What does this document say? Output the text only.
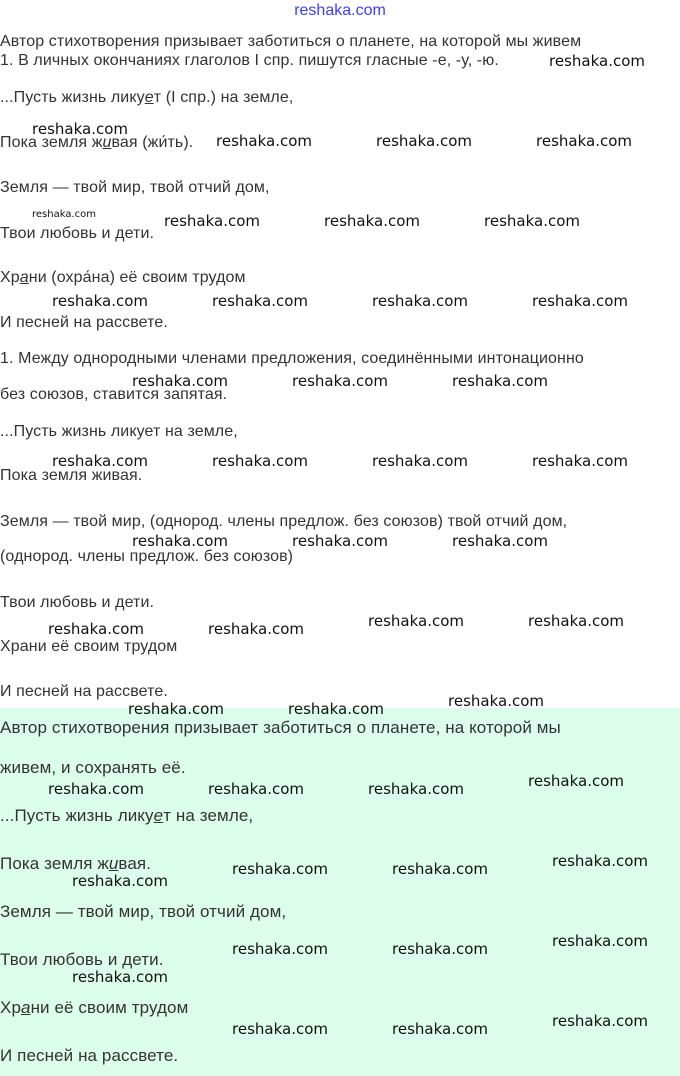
reshaka.com
Автор стихотворения призывает заботиться о планете, на которой мы живем
1. В личных окончаниях глаголов I спр. пишутся гласные -е, -у, -ю.
...Пусть жизнь ликует (I спр.) на земле,
Пока земля живая (жи́ть).
Земля — твой мир, твой отчий дом,
Твои любовь и дети.
Храни (охра́на) её своим трудом
И песней на рассвете.
1. Между однородными членами предложения, соединёнными интонационно
без союзов, ставится запятая.
...Пусть жизнь ликует на земле,
Пока земля живая.
Земля — твой мир, (однород. члены предлож. без союзов) твой отчий дом,
(однород. члены предлож. без союзов)
Твои любовь и дети.
Храни её своим трудом
И песней на рассвете.
Автор стихотворения призывает заботиться о планете, на которой мы
живем, и сохранять её.
...Пусть жизнь ликует на земле,
Пока земля живая.
Земля — твой мир, твой отчий дом,
Твои любовь и дети.
Храни её своим трудом
И песней на рассвете.
reshaka.com
reshaka.com
reshaka.com	reshaka.com	reshaka.com
reshaka.com	reshaka.com	reshaka.com	reshaka.com
reshaka.com	reshaka.com	reshaka.com	reshaka.com
reshaka.com	reshaka.com	reshaka.com
reshaka.com	reshaka.com	reshaka.com	reshaka.com
reshaka.com	reshaka.com	reshaka.com
reshaka.com	reshaka.com	reshaka.com	reshaka.com
reshaka.com	reshaka.com	reshaka.com
reshaka.com	reshaka.com	reshaka.com	reshaka.com
reshaka.com	reshaka.com	reshaka.com
reshaka.com
reshaka.com	reshaka.com	reshaka.com
reshaka.com
reshaka.com	reshaka.com	reshaka.com
